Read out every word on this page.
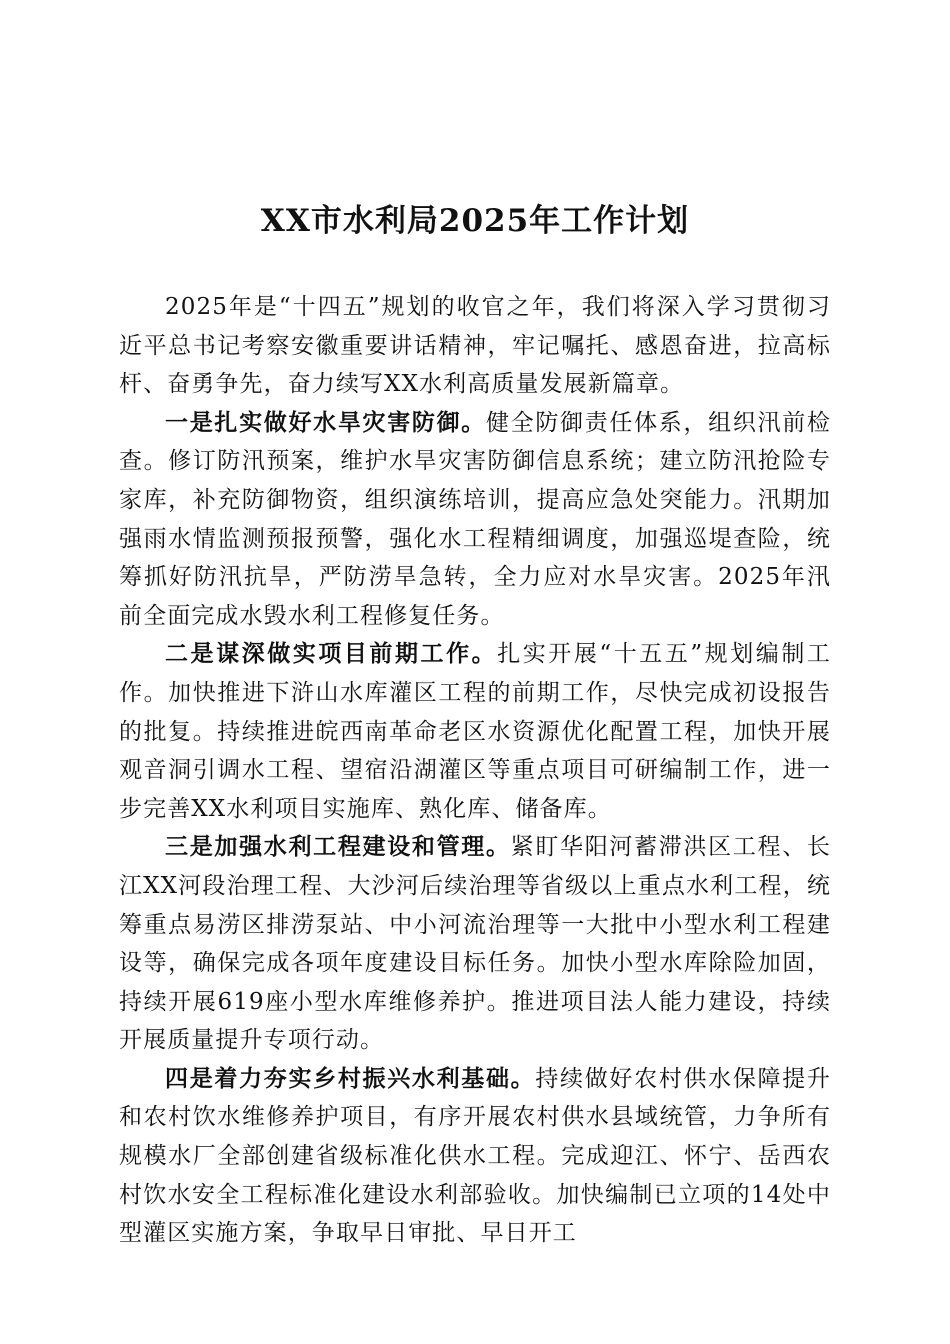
XX市水利局2025年工作计划

2025年是“十四五”规划的收官之年，我们将深入学习贯彻习近平总书记考察安徽重要讲话精神，牢记嘱托、感恩奋进，拉高标杆、奋勇争先，奋力续写XX水利高质量发展新篇章。

一是扎实做好水旱灾害防御。健全防御责任体系，组织汛前检查。修订防汛预案，维护水旱灾害防御信息系统；建立防汛抢险专家库，补充防御物资，组织演练培训，提高应急处突能力。汛期加强雨水情监测预报预警，强化水工程精细调度，加强巡堤查险，统筹抓好防汛抗旱，严防涝旱急转，全力应对水旱灾害。2025年汛前全面完成水毁水利工程修复任务。

二是谋深做实项目前期工作。扎实开展“十五五”规划编制工作。加快推进下浒山水库灌区工程的前期工作，尽快完成初设报告的批复。持续推进皖西南革命老区水资源优化配置工程，加快开展观音洞引调水工程、望宿沿湖灌区等重点项目可研编制工作，进一步完善XX水利项目实施库、熟化库、储备库。

三是加强水利工程建设和管理。紧盯华阳河蓄滞洪区工程、长江XX河段治理工程、大沙河后续治理等省级以上重点水利工程，统筹重点易涝区排涝泵站、中小河流治理等一大批中小型水利工程建设等，确保完成各项年度建设目标任务。加快小型水库除险加固，持续开展619座小型水库维修养护。推进项目法人能力建设，持续开展质量提升专项行动。

四是着力夯实乡村振兴水利基础。持续做好农村供水保障提升和农村饮水维修养护项目，有序开展农村供水县域统管，力争所有规模水厂全部创建省级标准化供水工程。完成迎江、怀宁、岳西农村饮水安全工程标准化建设水利部验收。加快编制已立项的14处中型灌区实施方案，争取早日审批、早日开工
